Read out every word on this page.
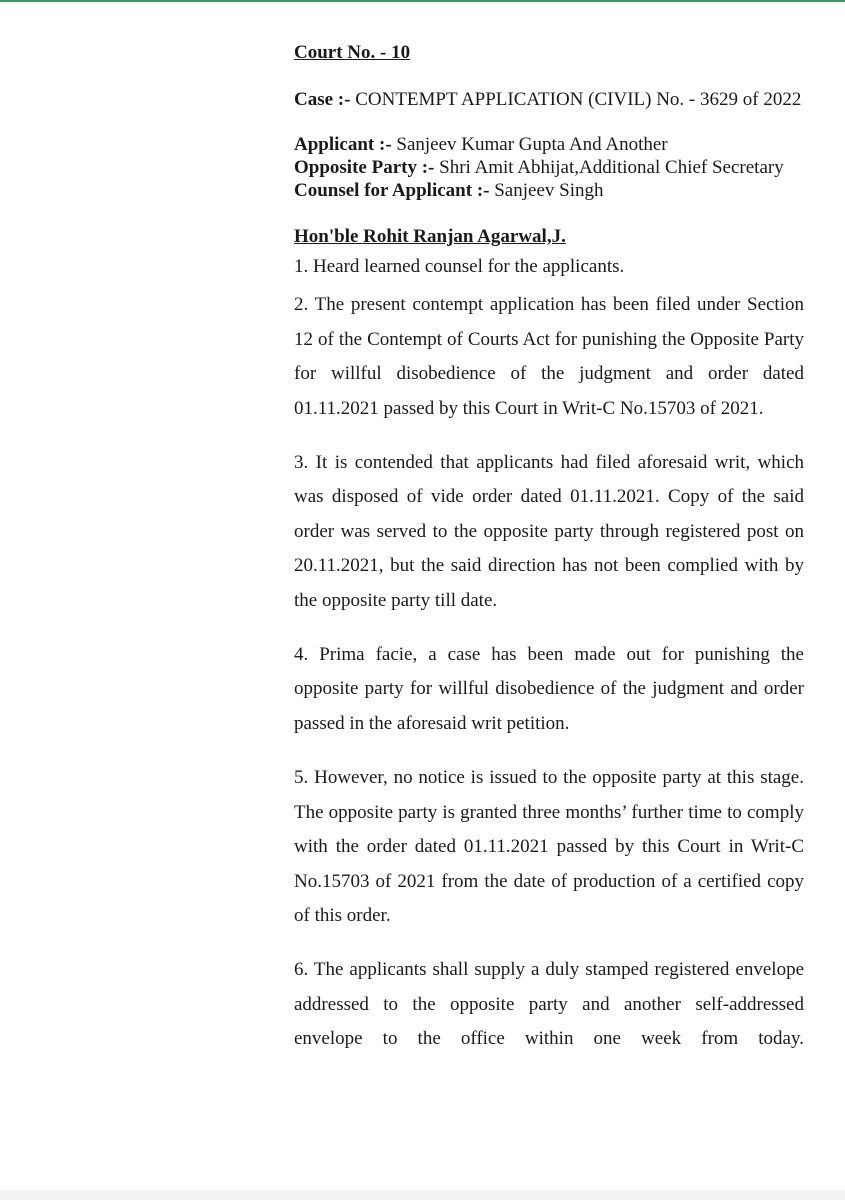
Court No. - 10
Case :- CONTEMPT APPLICATION (CIVIL) No. - 3629 of 2022
Applicant :- Sanjeev Kumar Gupta And Another
Opposite Party :- Shri Amit Abhijat,Additional Chief Secretary
Counsel for Applicant :- Sanjeev Singh
Hon'ble Rohit Ranjan Agarwal,J.

1. Heard learned counsel for the applicants.

2. The present contempt application has been filed under Section 12 of the Contempt of Courts Act for punishing the Opposite Party for willful disobedience of the judgment and order dated 01.11.2021 passed by this Court in Writ-C No.15703 of 2021.

3. It is contended that applicants had filed aforesaid writ, which was disposed of vide order dated 01.11.2021. Copy of the said order was served to the opposite party through registered post on 20.11.2021, but the said direction has not been complied with by the opposite party till date.

4. Prima facie, a case has been made out for punishing the opposite party for willful disobedience of the judgment and order passed in the aforesaid writ petition.

5. However, no notice is issued to the opposite party at this stage. The opposite party is granted three months’ further time to comply with the order dated 01.11.2021 passed by this Court in Writ-C No.15703 of 2021 from the date of production of a certified copy of this order.

6. The applicants shall supply a duly stamped registered envelope addressed to the opposite party and another self-addressed envelope to the office within one week from today.
